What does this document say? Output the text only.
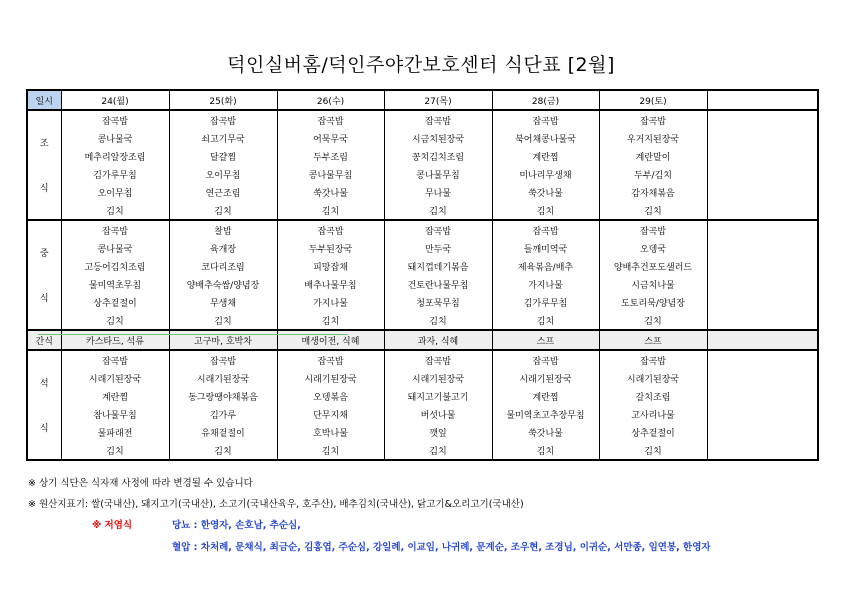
덕인실버홈/덕인주야간보호센터 식단표 [2월]
일시	24(월)	25(화)	26(수)	27(목)	28(금)	29(토)	

조
식	잡곡밥	잡곡밥	잡곡밥	잡곡밥	잡곡밥	잡곡밥	
	콩나물국	쇠고기무국	어묵무국	시금치된장국	북어채콩나물국	우거지된장국	
	메추리알장조림	달걀찜	두부조림	꽁치김치조림	계란찜	계란말이	
	김가루무침	오이무침	콩나물무침	콩나물무침	미나리무생채	두부/김치	
	오이무침	연근조림	쑥갓나물	무나물	쑥갓나물	감자채볶음	
	김치	김치	김치	김치	김치	김치	

중
식	잡곡밥	찰밥	잡곡밥	잡곡밥	잡곡밥	잡곡밥	
	콩나물국	육개장	두부된장국	만두국	들깨미역국	오뎅국	
	고등어김치조림	코다리조림	피망잡채	돼지껍데기볶음	제육볶음/배추	양배추건포도샐러드	
	물미역초무침	양배추숙쌈/양념장	배추나물무침	건토란나물무침	가지나물	시금치나물	
	상추겉절이	무생채	가지나물	청포묵무침	김가루무침	도토리묵/양념장	
	김치	김치	김치	김치	김치	김치	
간식	카스타드, 석류	고구마, 호박차	매생이전, 식혜	과자, 식혜	스프	스프	

석
식	잡곡밥	잡곡밥	잡곡밥	잡곡밥	잡곡밥	잡곡밥	
	시래기된장국	시래기된장국	시래기된장국	시래기된장국	시래기된장국	시래기된장국	
	계란찜	동그랑땡야채볶음	오뎅볶음	돼지고기불고기	계란찜	갈치조림	
	참나물무침	김가루	단무지채	버섯나물	물미역초고추장무침	고사리나물	
	물파래전	유채겉절이	호박나물	깻잎	쑥갓나물	상추겉절이	
	김치	김치	김치	김치	김치	김치	
※ 상기 식단은 식자재 사정에 따라 변경될 수 있습니다
※ 원산지표기: 쌀(국내산), 돼지고기(국내산), 소고기(국내산육우, 호주산), 배추김치(국내산), 닭고기&오리고기(국내산)
※ 저염식	당뇨 : 한영자, 손호남, 추순심,
혈압 : 차처례, 문채식, 최금순, 김홍엽, 주순심, 강일례, 이교임, 나귀례, 문계순, 조우현, 조경님, 이귀순, 서만종, 임연봉, 한영자
